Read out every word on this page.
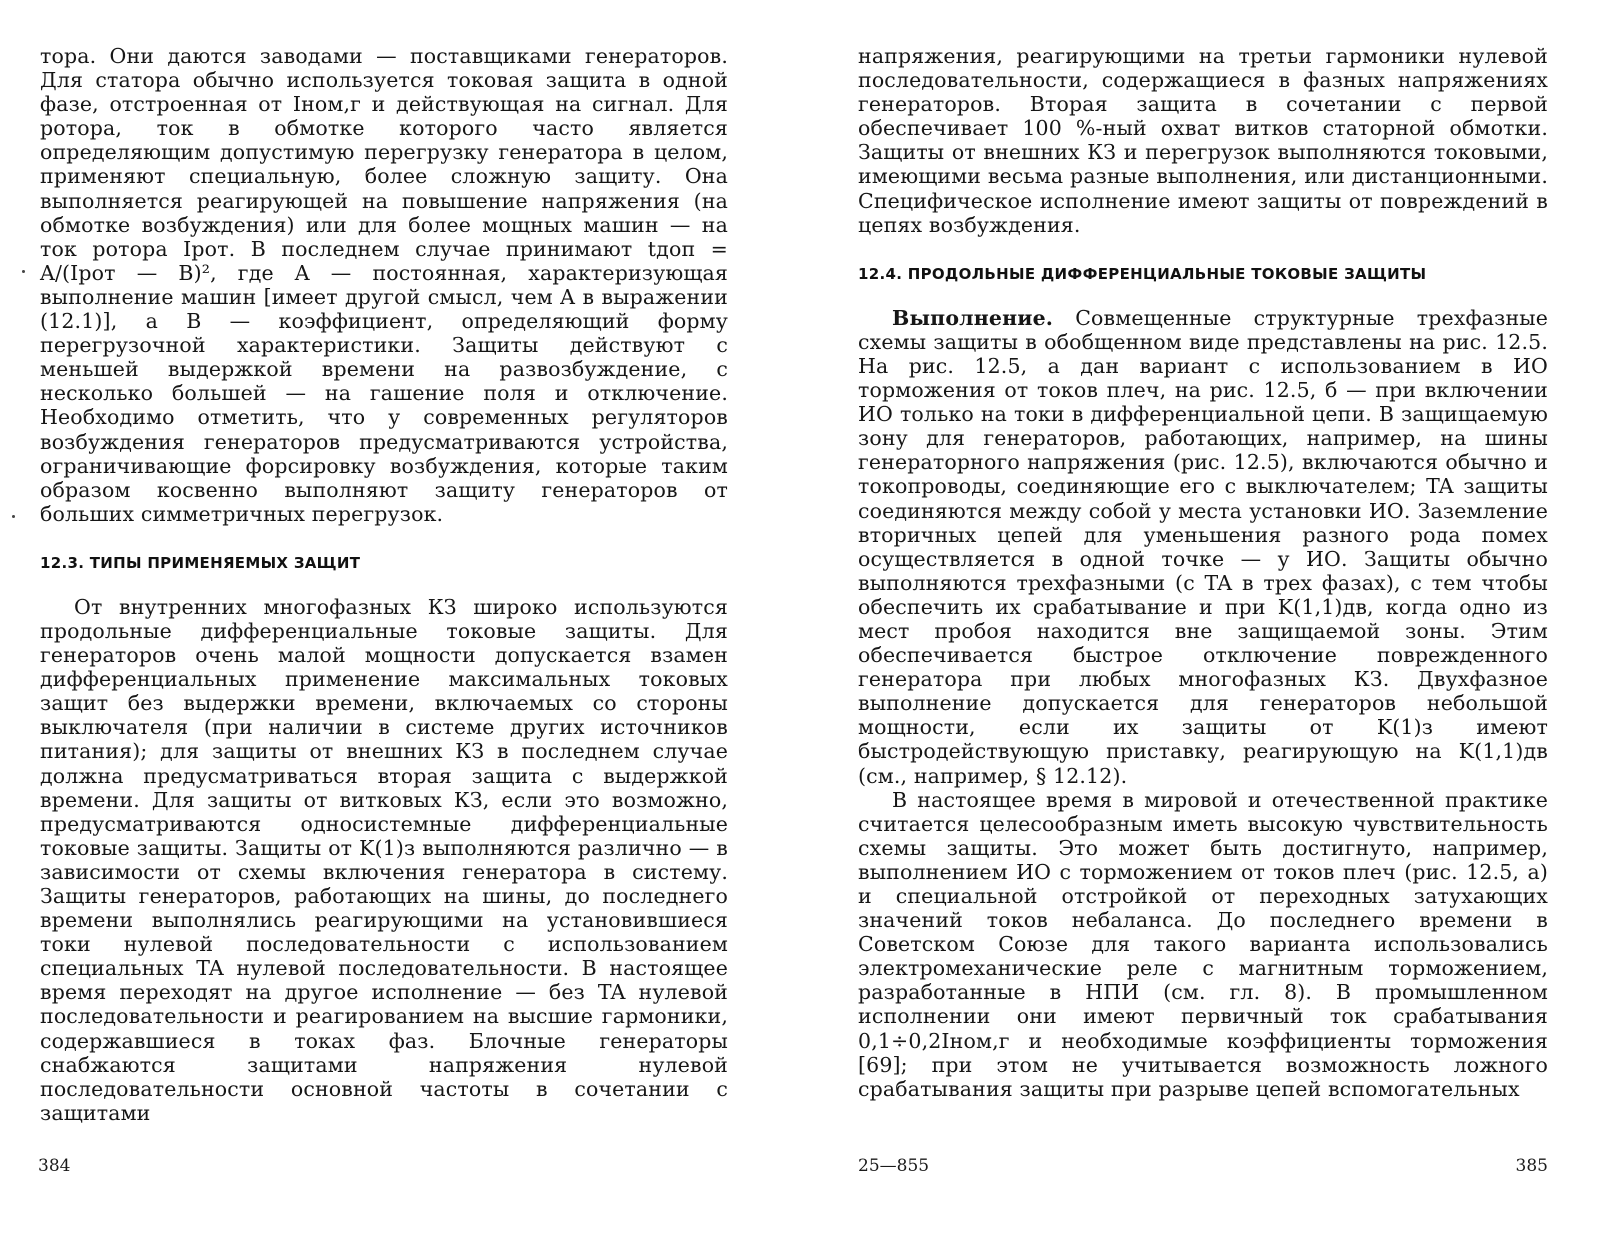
тора. Они даются заводами — поставщиками генераторов. Для статора обычно используется токовая защита в одной фазе, отстроенная от Iном,г и действующая на сигнал. Для ротора, ток в обмотке которого часто является определяющим допустимую перегрузку генератора в целом, применяют специальную, более сложную защиту. Она выполняется реагирующей на повышение напряжения (на обмотке возбуждения) или для более мощных машин — на ток ротора Iрот. В последнем случае принимают tдоп = A/(Iрот — B)², где A — постоянная, характеризующая выполнение машин [имеет другой смысл, чем A в выражении (12.1)], а B — коэффициент, определяющий форму перегрузочной характеристики. Защиты действуют с меньшей выдержкой времени на развозбуждение, с несколько большей — на гашение поля и отключение. Необходимо отметить, что у современных регуляторов возбуждения генераторов предусматриваются устройства, ограничивающие форсировку возбуждения, которые таким образом косвенно выполняют защиту генераторов от больших симметричных перегрузок.

12.3. ТИПЫ ПРИМЕНЯЕМЫХ ЗАЩИТ

От внутренних многофазных КЗ широко используются продольные дифференциальные токовые защиты. Для генераторов очень малой мощности допускается взамен дифференциальных применение максимальных токовых защит без выдержки времени, включаемых со стороны выключателя (при наличии в системе других источников питания); для защиты от внешних КЗ в последнем случае должна предусматриваться вторая защита с выдержкой времени. Для защиты от витковых КЗ, если это возможно, предусматриваются односистемные дифференциальные токовые защиты. Защиты от K(1)з выполняются различно — в зависимости от схемы включения генератора в систему. Защиты генераторов, работающих на шины, до последнего времени выполнялись реагирующими на установившиеся токи нулевой последовательности с использованием специальных TA нулевой последовательности. В настоящее время переходят на другое исполнение — без TA нулевой последовательности и реагированием на высшие гармоники, содержавшиеся в токах фаз. Блочные генераторы снабжаются защитами напряжения нулевой последовательности основной частоты в сочетании с защитами

384

напряжения, реагирующими на третьи гармоники нулевой последовательности, содержащиеся в фазных напряжениях генераторов. Вторая защита в сочетании с первой обеспечивает 100 %-ный охват витков статорной обмотки. Защиты от внешних КЗ и перегрузок выполняются токовыми, имеющими весьма разные выполнения, или дистанционными. Специфическое исполнение имеют защиты от повреждений в цепях возбуждения.

12.4. ПРОДОЛЬНЫЕ ДИФФЕРЕНЦИАЛЬНЫЕ ТОКОВЫЕ ЗАЩИТЫ

Выполнение. Совмещенные структурные трехфазные схемы защиты в обобщенном виде представлены на рис. 12.5. На рис. 12.5, а дан вариант с использованием в ИО торможения от токов плеч, на рис. 12.5, б — при включении ИО только на токи в дифференциальной цепи. В защищаемую зону для генераторов, работающих, например, на шины генераторного напряжения (рис. 12.5), включаются обычно и токопроводы, соединяющие его с выключателем; TA защиты соединяются между собой у места установки ИО. Заземление вторичных цепей для уменьшения разного рода помех осуществляется в одной точке — у ИО. Защиты обычно выполняются трехфазными (с TA в трех фазах), с тем чтобы обеспечить их срабатывание и при K(1,1)дв, когда одно из мест пробоя находится вне защищаемой зоны. Этим обеспечивается быстрое отключение поврежденного генератора при любых многофазных КЗ. Двухфазное выполнение допускается для генераторов небольшой мощности, если их защиты от K(1)з имеют быстродействующую приставку, реагирующую на K(1,1)дв (см., например, § 12.12).

В настоящее время в мировой и отечественной практике считается целесообразным иметь высокую чувствительность схемы защиты. Это может быть достигнуто, например, выполнением ИО с торможением от токов плеч (рис. 12.5, а) и специальной отстройкой от переходных затухающих значений токов небаланса. До последнего времени в Советском Союзе для такого варианта использовались электромеханические реле с магнитным торможением, разработанные в НПИ (см. гл. 8). В промышленном исполнении они имеют первичный ток срабатывания 0,1÷0,2Iном,г и необходимые коэффициенты торможения [69]; при этом не учитывается возможность ложного срабатывания защиты при разрыве цепей вспомогательных

25—855	385
